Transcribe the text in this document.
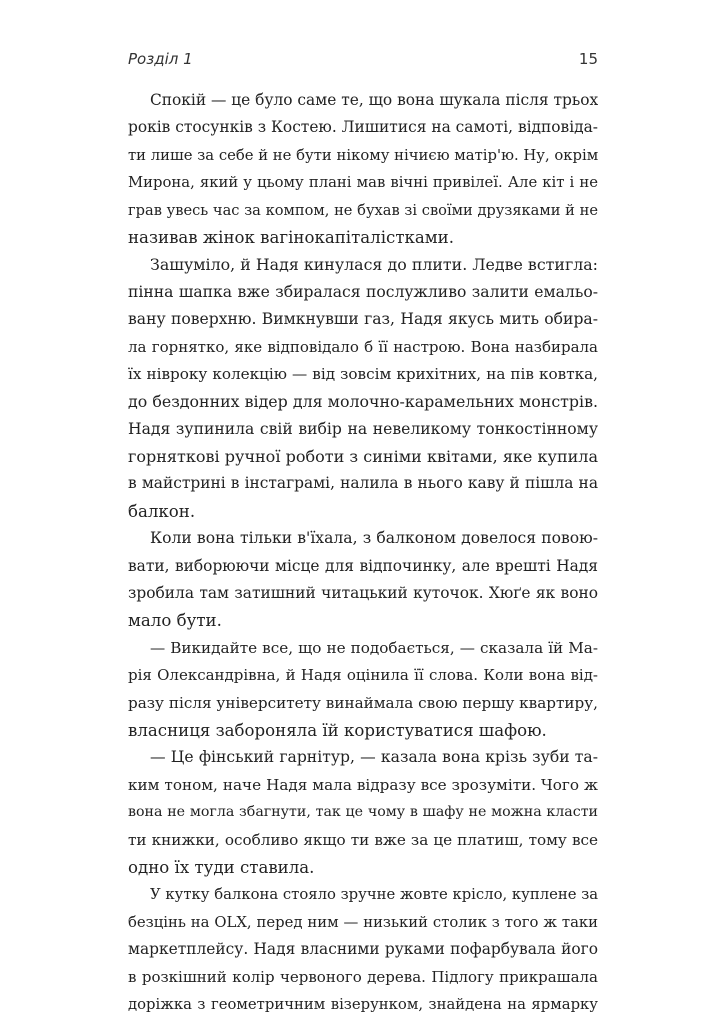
Розділ 1	15
Спокій — це було саме те, що вона шукала після трьох
років стосунків з Костею. Лишитися на самоті, відповіда-
ти лише за себе й не бути нікому нічиєю матір'ю. Ну, окрім
Мирона, який у цьому плані мав вічні привілеї. Але кіт і не
грав увесь час за компом, не бухав зі своїми друзяками й не
називав жінок вагінокапіталістками.
Зашуміло, й Надя кинулася до плити. Ледве встигла:
пінна шапка вже збиралася послужливо залити емальо-
вану поверхню. Вимкнувши газ, Надя якусь мить обира-
ла горнятко, яке відповідало б її настрою. Вона назбирала
їх нівроку колекцію — від зовсім крихітних, на пів ковтка,
до бездонних відер для молочно-карамельних монстрів.
Надя зупинила свій вибір на невеликому тонкостінному
горнятковi ручної роботи з синіми квітами, яке купила
в майстрині в інстаграмі, налила в нього каву й пішла на
балкон.
Коли вона тільки в'їхала, з балконом довелося повою-
вати, виборюючи місце для відпочинку, але врешті Надя
зробила там затишний читацький куточок. Хюґе як воно
мало бути.
— Викидайте все, що не подобається, — сказала їй Ма-
рія Олександрівна, й Надя оцінила її слова. Коли вона від-
разу після університету винаймала свою першу квартиру,
власниця забороняла їй користуватися шафою.
— Це фінський гарнітур, — казала вона крізь зуби та-
ким тоном, наче Надя мала відразу все зрозуміти. Чого ж
вона не могла збагнути, так це чому в шафу не можна класти
ти книжки, особливо якщо ти вже за це платиш, тому все
одно їх туди ставила.
У кутку балкона стояло зручне жовте крісло, куплене за
безцінь на OLX, перед ним — низький столик з того ж таки
маркетплейсу. Надя власними руками пофарбувала його
в розкішний колір червоного дерева. Підлогу прикрашала
доріжка з геометричним візерунком, знайдена на ярмарку
